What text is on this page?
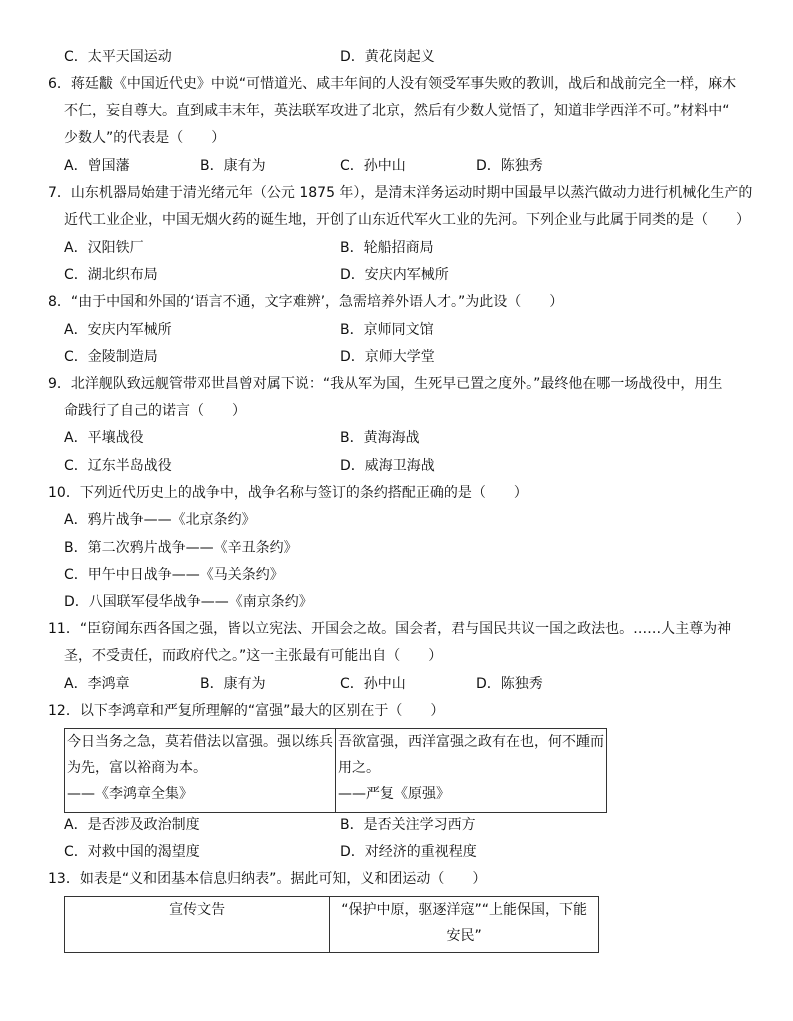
C．太平天国运动	D．黄花岗起义
6．蒋廷黻《中国近代史》中说“可惜道光、咸丰年间的人没有领受军事失败的教训，战后和战前完全一样，麻木
不仁，妄自尊大。直到咸丰末年，英法联军攻进了北京，然后有少数人觉悟了，知道非学西洋不可。”材料中“
少数人”的代表是（　　）
A．曾国藩	B．康有为	C．孙中山	D．陈独秀
7．山东机器局始建于清光绪元年（公元 1875 年），是清末洋务运动时期中国最早以蒸汽做动力进行机械化生产的
近代工业企业，中国无烟火药的诞生地，开创了山东近代军火工业的先河。下列企业与此属于同类的是（　　）
A．汉阳铁厂	B．轮船招商局
C．湖北织布局	D．安庆内军械所
8．“由于中国和外国的‘语言不通，文字难辨’，急需培养外语人才。”为此设（　　）
A．安庆内军械所	B．京师同文馆
C．金陵制造局	D．京师大学堂
9．北洋舰队致远舰管带邓世昌曾对属下说：“我从军为国，生死早已置之度外。”最终他在哪一场战役中，用生
命践行了自己的诺言（　　）
A．平壤战役	B．黄海海战
C．辽东半岛战役	D．威海卫海战
10．下列近代历史上的战争中，战争名称与签订的条约搭配正确的是（　　）
A．鸦片战争——《北京条约》
B．第二次鸦片战争——《辛丑条约》
C．甲午中日战争——《马关条约》
D．八国联军侵华战争——《南京条约》
11．“臣窃闻东西各国之强，皆以立宪法、开国会之故。国会者，君与国民共议一国之政法也。……人主尊为神
圣，不受责任，而政府代之。”这一主张最有可能出自（　　）
A．李鸿章	B．康有为	C．孙中山	D．陈独秀
12．以下李鸿章和严复所理解的“富强”最大的区别在于（　　）
今日当务之急，莫若借法以富强。强以练兵
为先，富以裕商为本。
——《李鸿章全集》

吾欲富强，西洋富强之政有在也，何不踵而
用之。
——严复《原强》
A．是否涉及政治制度	B．是否关注学习西方
C．对救中国的渴望度	D．对经济的重视程度
13．如表是“义和团基本信息归纳表”。据此可知，义和团运动（　　）
宣传文告	“保护中原，驱逐洋寇”“上能保国，下能
安民”
